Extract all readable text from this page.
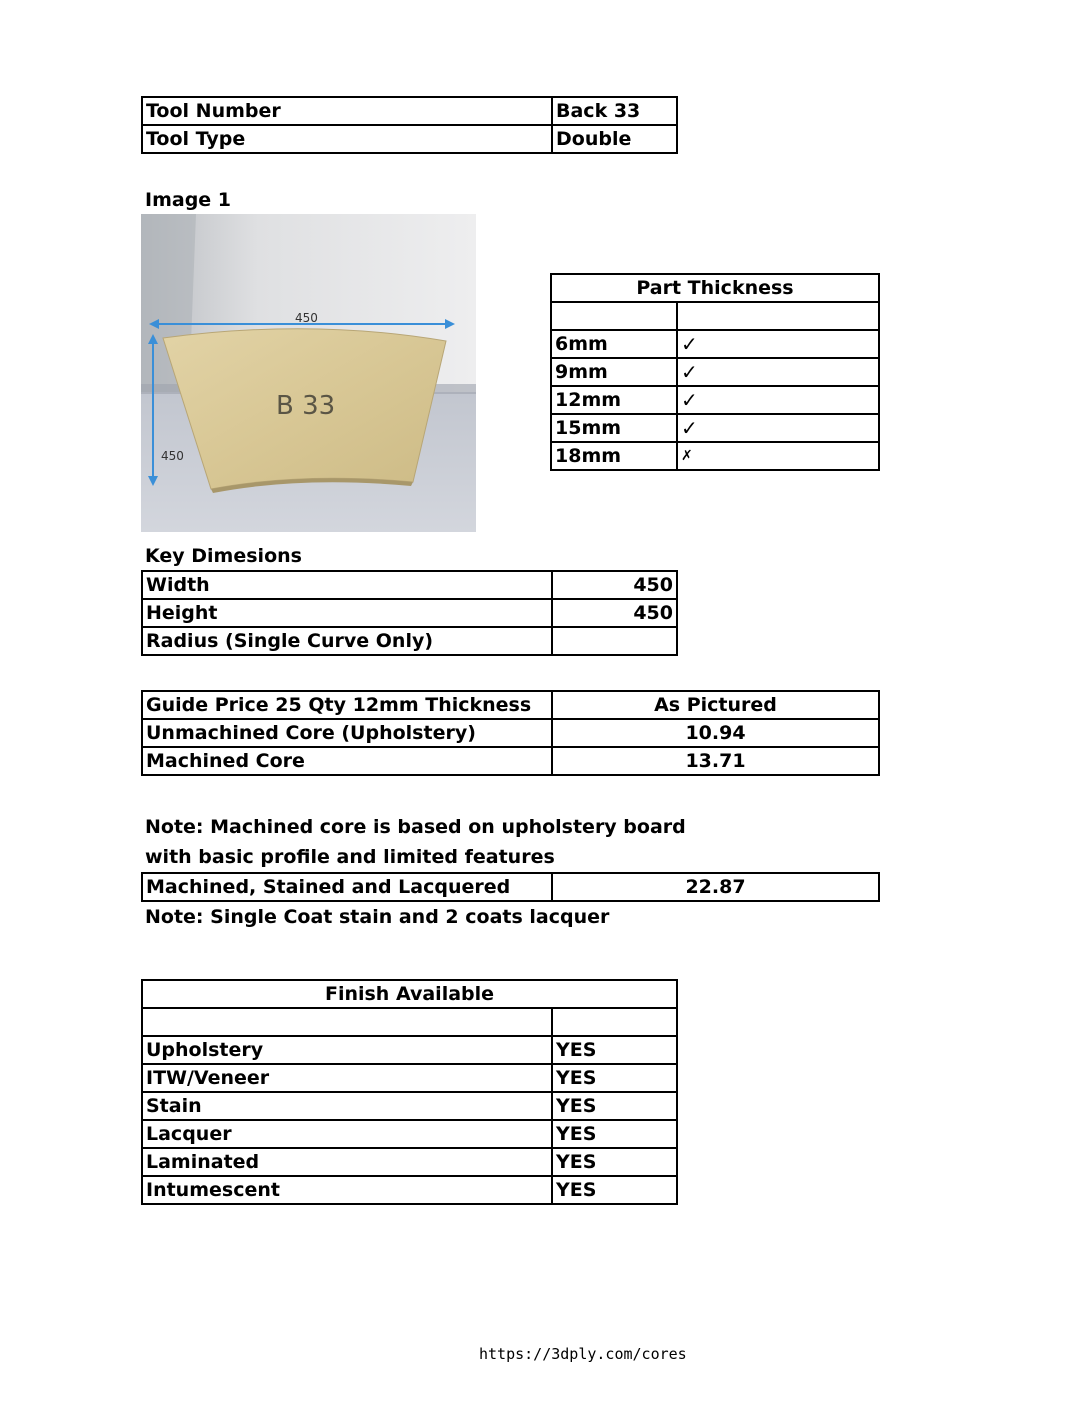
Tool Number	Back 33
Tool Type	Double
Image 1
B 33
450
450
Part Thickness	

6mm	✓
9mm	✓
12mm	✓
15mm	✓
18mm	✗
Key Dimesions
Width	450
Height	450
Radius (Single Curve Only)	
Guide Price 25 Qty 12mm Thickness	As Pictured
Unmachined Core (Upholstery)	10.94
Machined Core	13.71
Note: Machined core is based on upholstery board
with basic profile and limited features
Machined, Stained and Lacquered	22.87
Note: Single Coat stain and 2 coats lacquer
Finish Available	

Upholstery	YES
ITW/Veneer	YES
Stain	YES
Lacquer	YES
Laminated	YES
Intumescent	YES
https://3dply.com/cores
